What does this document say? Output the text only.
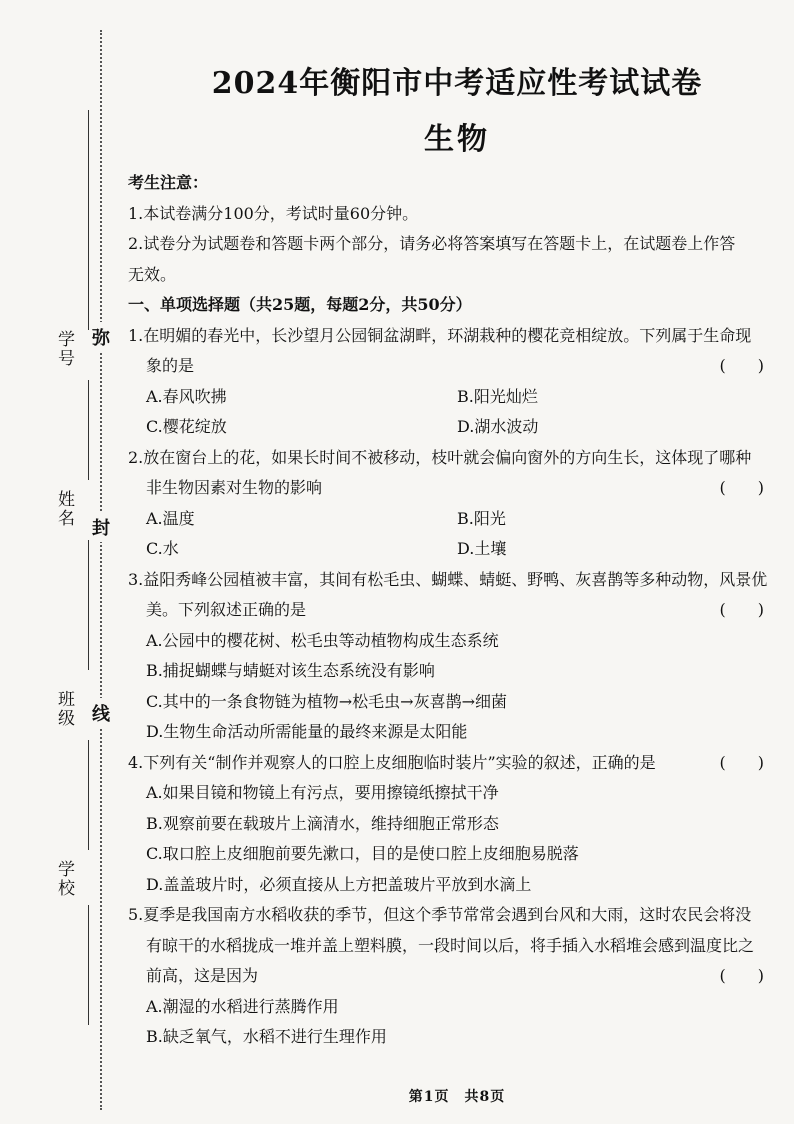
学号
姓名
班级
学校
弥
封
线
2024年衡阳市中考适应性考试试卷
生物
考生注意：
1.本试卷满分100分，考试时量60分钟。
2.试卷分为试题卷和答题卡两个部分，请务必将答案填写在答题卡上，在试题卷上作答
无效。
一、单项选择题（共25题，每题2分，共50分）
1.在明媚的春光中，长沙望月公园铜盆湖畔，环湖栽种的樱花竞相绽放。下列属于生命现
象的是	(　　)
A.春风吹拂	B.阳光灿烂
C.樱花绽放	D.湖水波动
2.放在窗台上的花，如果长时间不被移动，枝叶就会偏向窗外的方向生长，这体现了哪种
非生物因素对生物的影响	(　　)
A.温度	B.阳光
C.水	D.土壤
3.益阳秀峰公园植被丰富，其间有松毛虫、蝴蝶、蜻蜓、野鸭、灰喜鹊等多种动物，风景优
美。下列叙述正确的是	(　　)
A.公园中的樱花树、松毛虫等动植物构成生态系统
B.捕捉蝴蝶与蜻蜓对该生态系统没有影响
C.其中的一条食物链为植物→松毛虫→灰喜鹊→细菌
D.生物生命活动所需能量的最终来源是太阳能
4.下列有关“制作并观察人的口腔上皮细胞临时装片”实验的叙述，正确的是	(　　)
A.如果目镜和物镜上有污点，要用擦镜纸擦拭干净
B.观察前要在载玻片上滴清水，维持细胞正常形态
C.取口腔上皮细胞前要先漱口，目的是使口腔上皮细胞易脱落
D.盖盖玻片时，必须直接从上方把盖玻片平放到水滴上
5.夏季是我国南方水稻收获的季节，但这个季节常常会遇到台风和大雨，这时农民会将没
有晾干的水稻拢成一堆并盖上塑料膜，一段时间以后，将手插入水稻堆会感到温度比之
前高，这是因为	(　　)
A.潮湿的水稻进行蒸腾作用
B.缺乏氧气，水稻不进行生理作用
第1页　共8页
